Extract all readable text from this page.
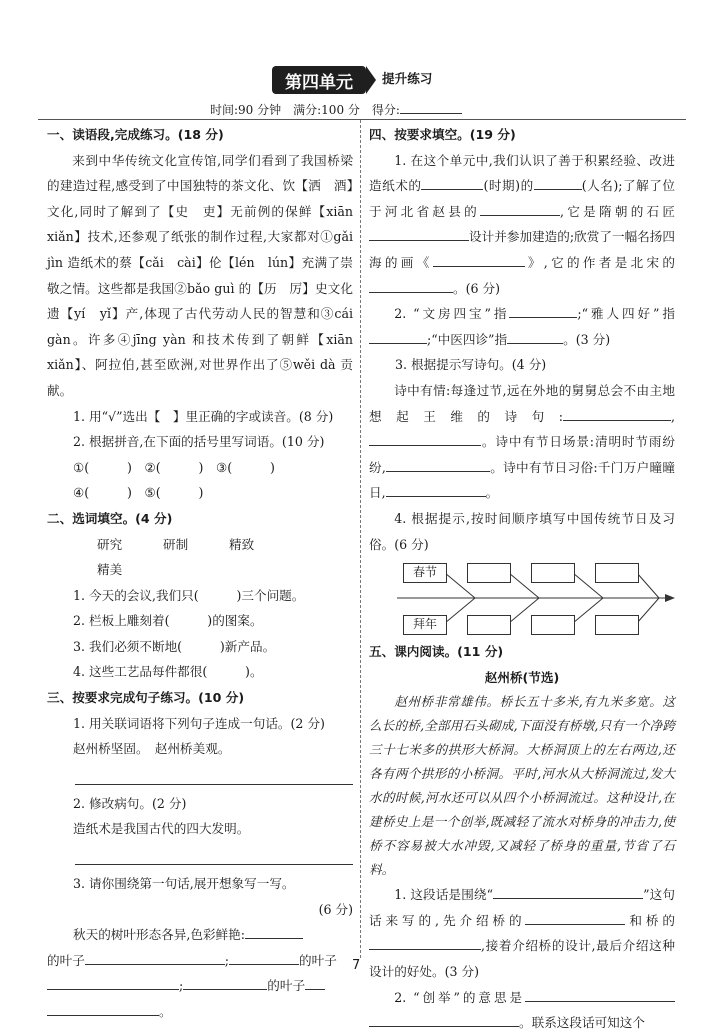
第四单元	提升练习
时间:90 分钟　满分:100 分　得分:
一、读语段,完成练习。(18 分)
来到中华传统文化宣传馆,同学们看到了我国桥梁的建造过程,感受到了中国独特的茶文化、饮【洒　酒】文化,同时了解到了【史　吏】无前例的保鲜【xiān　xiǎn】技术,还参观了纸张的制作过程,大家都对①gǎi jìn 造纸术的蔡【cǎi　cài】伦【lén　lún】充满了崇敬之情。这些都是我国②bǎo guì 的【历　厉】史文化遗【yí　yǐ】产,体现了古代劳动人民的智慧和③cái gàn。许多④jīng yàn 和技术传到了朝鲜【xiān　xiǎn】、阿拉伯,甚至欧洲,对世界作出了⑤wěi dà 贡献。
1. 用“√”选出【　】里正确的字或读音。(8 分)
2. 根据拼音,在下面的括号里写词语。(10 分)
①(　　　)　②(　　　)　③(　　　)
④(　　　)　⑤(　　　)
二、选词填空。(4 分)
研究	研制	精致精美
1. 今天的会议,我们只(　　　)三个问题。
2. 栏板上雕刻着(　　　)的图案。
3. 我们必须不断地(　　　)新产品。
4. 这些工艺品每件都很(　　　)。
三、按要求完成句子练习。(10 分)
1. 用关联词语将下列句子连成一句话。(2 分)
赵州桥坚固。　赵州桥美观。
2. 修改病句。(2 分)
造纸术是我国古代的四大发明。
3. 请你围绕第一句话,展开想象写一写。
(6 分)
秋天的树叶形态各异,色彩鲜艳:
的叶子	;	的叶子
;	的叶子
。
四、按要求填空。(19 分)
1. 在这个单元中,我们认识了善于积累经验、改进造纸术的	(时期)的	(人名);了解了位于河北省赵县的	,它是隋朝的石匠设计并参加建造的;欣赏了一幅名扬四海的画《	》,它的作者是北宋的。(6 分)
2. “文房四宝”指	;“雅人四好”指;“中医四诊”指	。(3 分)
3. 根据提示写诗句。(4 分)
诗中有情:每逢过节,远在外地的舅舅总会不由主地想起王维的诗句:	,。诗中有节日场景:清明时节雨纷纷,	。诗中有节日习俗:千门万户曈曈日,	。
4. 根据提示,按时间顺序填写中国传统节日及习俗。(6 分)
春节
拜年
五、课内阅读。(11 分)
赵州桥(节选)
赵州桥非常雄伟。桥长五十多米,有九米多宽。这么长的桥,全部用石头砌成,下面没有桥墩,只有一个净跨三十七米多的拱形大桥洞。大桥洞顶上的左右两边,还各有两个拱形的小桥洞。平时,河水从大桥洞流过,发大水的时候,河水还可以从四个小桥洞流过。这种设计,在建桥史上是一个创举,既减轻了流水对桥身的冲击力,使桥不容易被大水冲毁,又减轻了桥身的重量,节省了石料。
1. 这段话是围绕“	”这句话来写的,先介绍桥的	和桥的,接着介绍桥的设计,最后介绍这种设计的好处。(3 分)
2. “创举”的意思是。联系这段话可知这个
7
